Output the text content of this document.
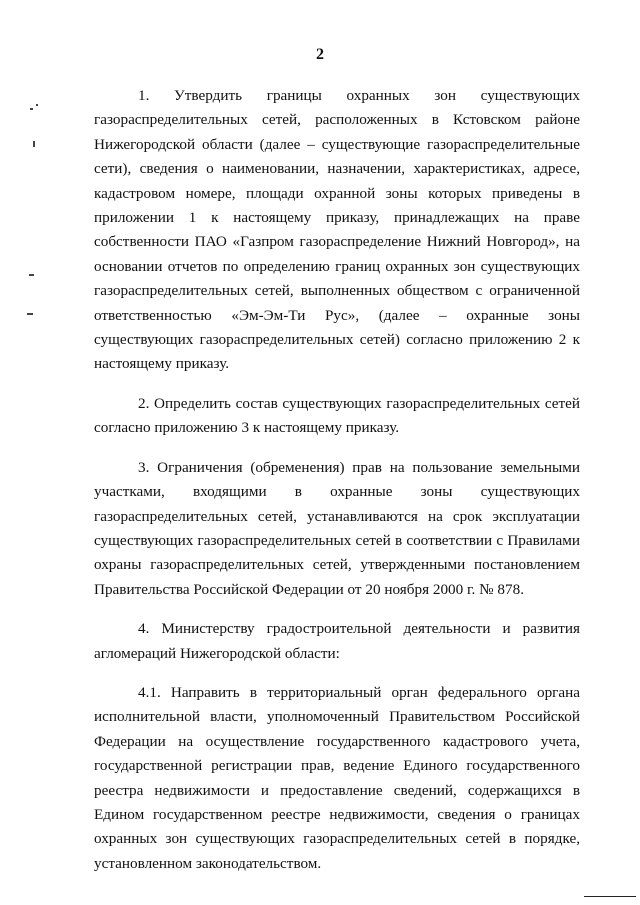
2

1. Утвердить границы охранных зон существующих газораспределительных сетей, расположенных в Кстовском районе Нижегородской области (далее – существующие газораспределительные сети), сведения о наименовании, назначении, характеристиках, адресе, кадастровом номере, площади охранной зоны которых приведены в приложении 1 к настоящему приказу, принадлежащих на праве собственности ПАО «Газпром газораспределение Нижний Новгород», на основании отчетов по определению границ охранных зон существующих газораспределительных сетей, выполненных обществом с ограниченной ответственностью «Эм-Эм-Ти Рус», (далее – охранные зоны существующих газораспределительных сетей) согласно приложению 2 к настоящему приказу.

2. Определить состав существующих газораспределительных сетей согласно приложению 3 к настоящему приказу.

3. Ограничения (обременения) прав на пользование земельными участками, входящими в охранные зоны существующих газораспределительных сетей, устанавливаются на срок эксплуатации существующих газораспределительных сетей в соответствии с Правилами охраны газораспределительных сетей, утвержденными постановлением Правительства Российской Федерации от 20 ноября 2000 г. № 878.

4. Министерству градостроительной деятельности и развития агломераций Нижегородской области:

4.1. Направить в территориальный орган федерального органа исполнительной власти, уполномоченный Правительством Российской Федерации на осуществление государственного кадастрового учета, государственной регистрации прав, ведение Единого государственного реестра недвижимости и предоставление сведений, содержащихся в Едином государственном реестре недвижимости, сведения о границах охранных зон существующих газораспределительных сетей в порядке, установленном законодательством.
